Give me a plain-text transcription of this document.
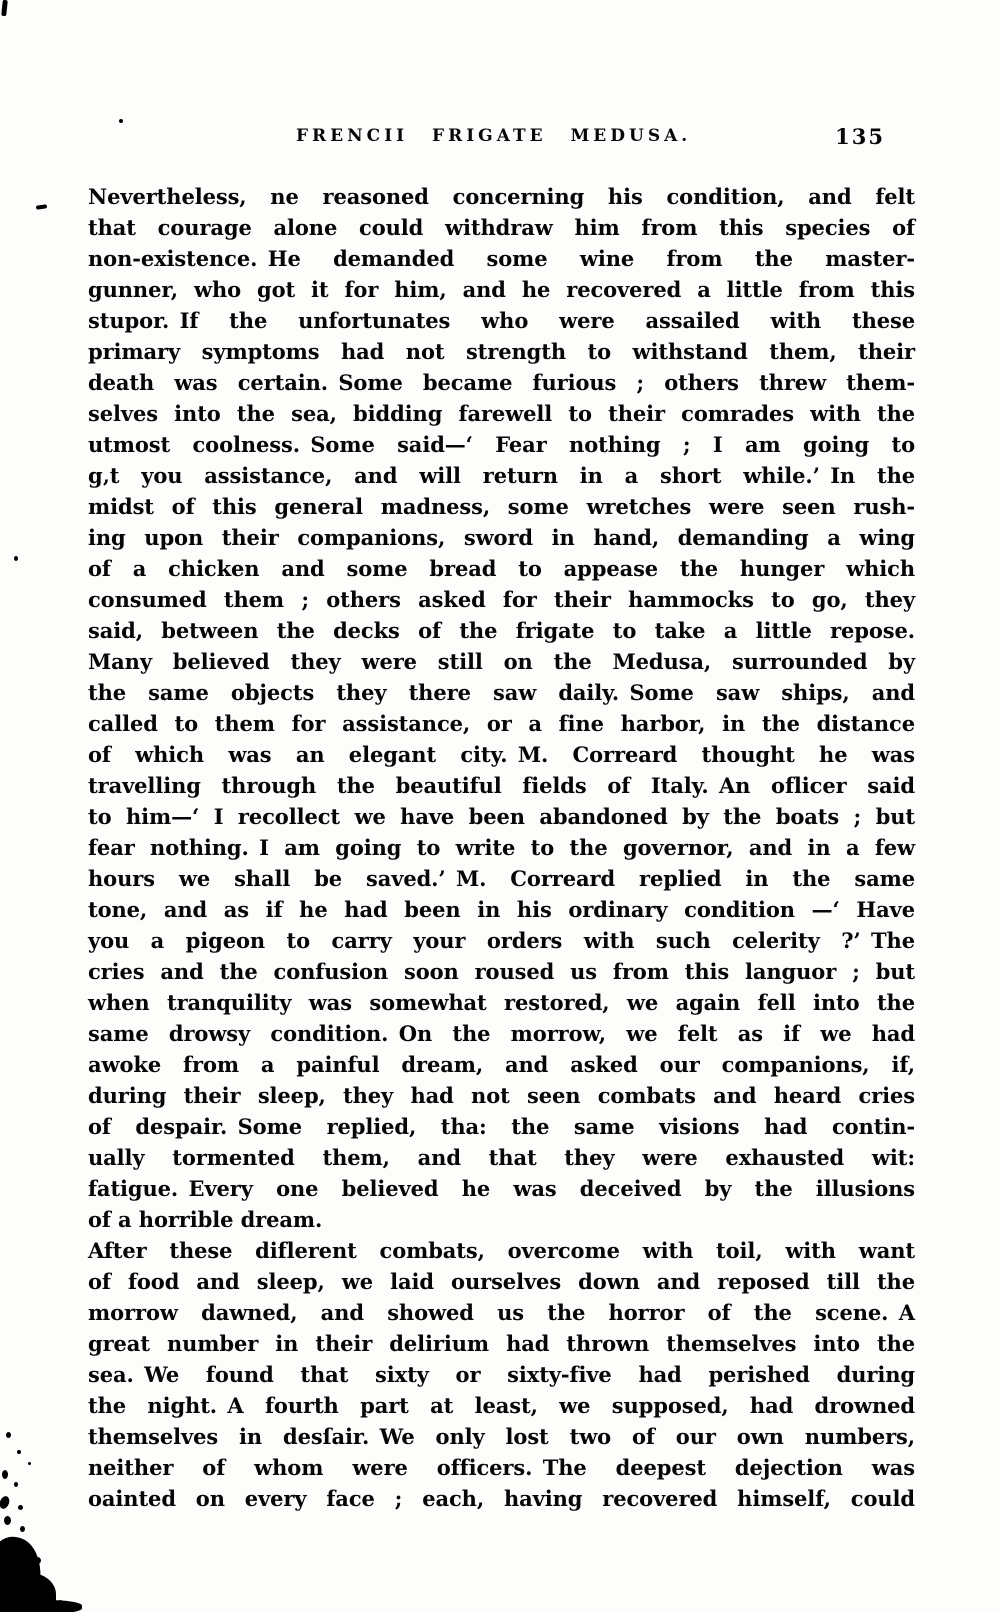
FRENCII FRIGATE MEDUSA.	135
Nevertheless, ne reasoned concerning his condition, and felt
that courage alone could withdraw him from this species of
non-existence. He demanded some wine from the master-
gunner, who got it for him, and he recovered a little from this
stupor. If the unfortunates who were assailed with these
primary symptoms had not strength to withstand them, their
death was certain. Some became furious ; others threw them-
selves into the sea, bidding farewell to their comrades with the
utmost coolness. Some said—‘ Fear nothing ; I am going to
g‚t you assistance, and will return in a short while.’ In the
midst of this general madness, some wretches were seen rush-
ing upon their companions, sword in hand, demanding a wing
of a chicken and some bread to appease the hunger which
consumed them ; others asked for their hammocks to go, they
said, between the decks of the frigate to take a little repose.
Many believed they were still on the Medusa, surrounded by
the same objects they there saw daily. Some saw ships, and
called to them for assistance, or a fine harbor, in the distance
of which was an elegant city. M. Correard thought he was
travelling through the beautiful fields of Italy. An oflicer said
to him—‘ I recollect we have been abandoned by the boats ; but
fear nothing. I am going to write to the governor, and in a few
hours we shall be saved.’ M. Correard replied in the same
tone, and as if he had been in his ordinary condition —‘ Have
you a pigeon to carry your orders with such celerity ?’ The
cries and the confusion soon roused us from this languor ; but
when tranquility was somewhat restored, we again fell into the
same drowsy condition. On the morrow, we felt as if we had
awoke from a painful dream, and asked our companions, if,
during their sleep, they had not seen combats and heard cries
of despair. Some replied, tha: the same visions had contin-
ually tormented them, and that they were exhausted wit:
fatigue. Every one believed he was deceived by the illusions
of a horrible dream.
After these diflerent combats, overcome with toil, with want
of food and sleep, we laid ourselves down and reposed till the
morrow dawned, and showed us the horror of the scene. A
great number in their delirium had thrown themselves into the
sea. We found that sixty or sixty-five had perished during
the night. A fourth part at least, we supposed, had drowned
themselves in desſair. We only lost two of our own numbers,
neither of whom were officers. The deepest dejection was
oainted on every face ; each, having recovered himself, could
